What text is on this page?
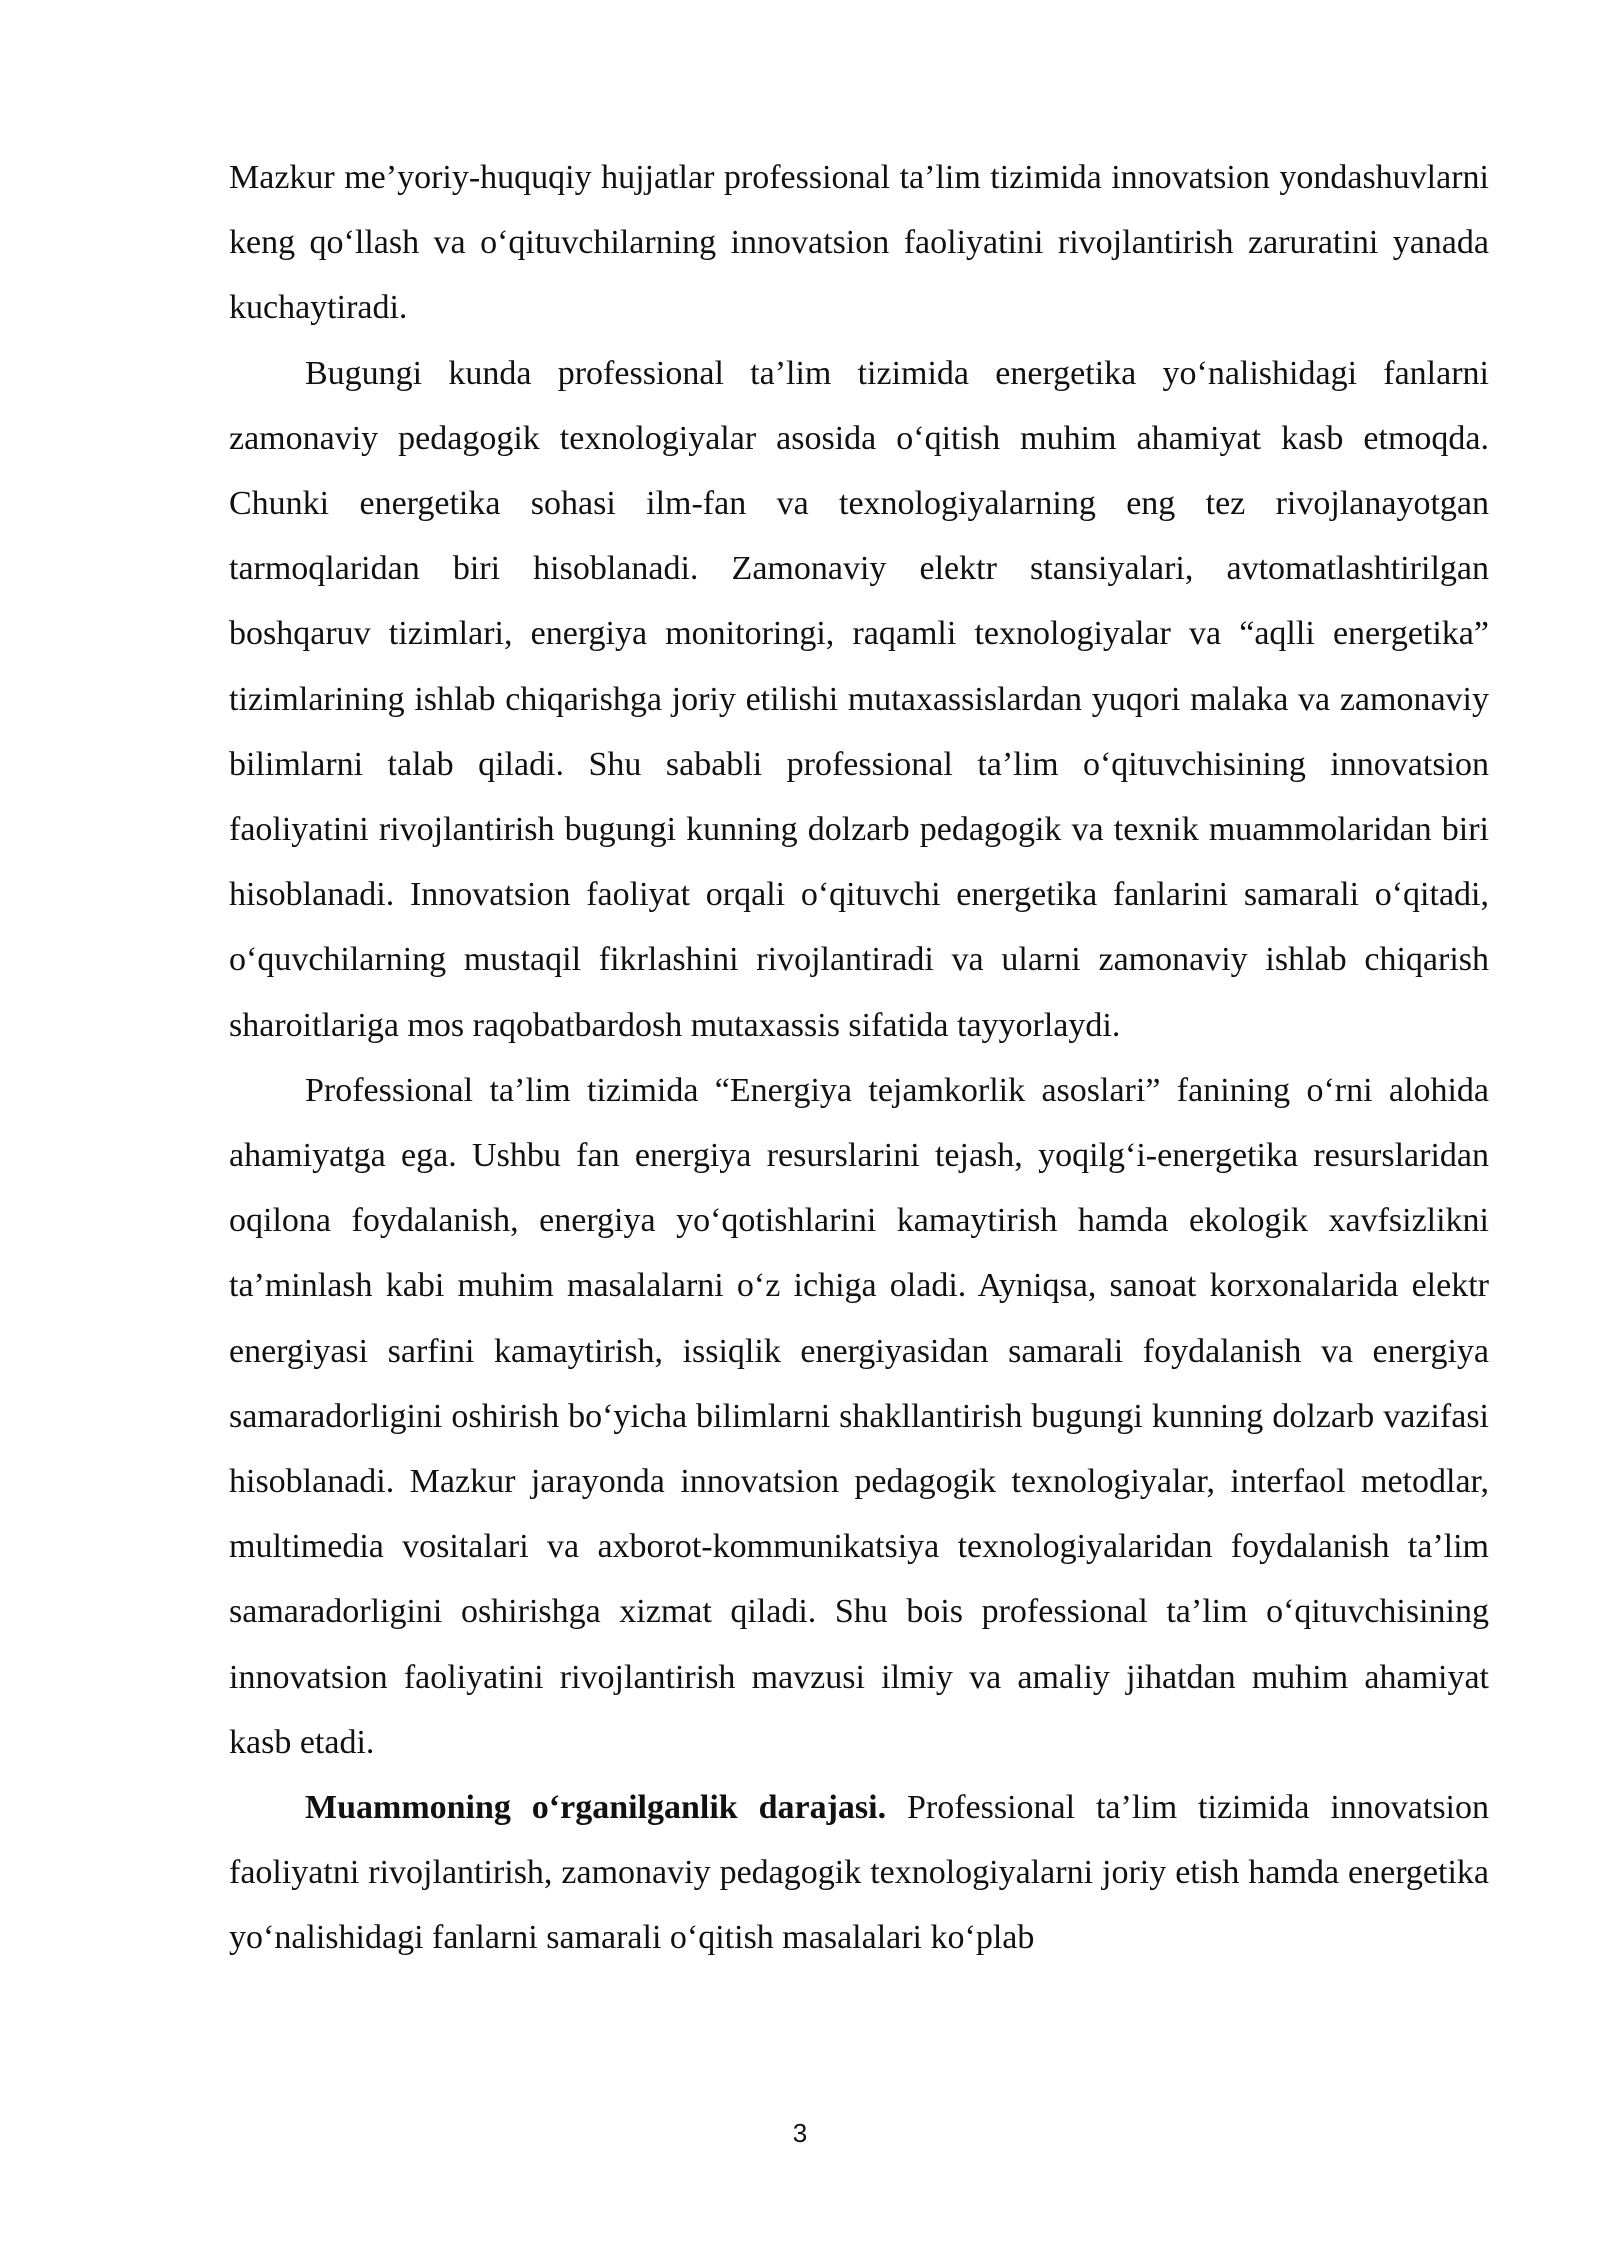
Mazkur me’yoriy-huquqiy hujjatlar professional ta’lim tizimida innovatsion yondashuvlarni keng qo‘llash va o‘qituvchilarning innovatsion faoliyatini rivojlantirish zaruratini yanada kuchaytiradi.

Bugungi kunda professional ta’lim tizimida energetika yo‘nalishidagi fanlarni zamonaviy pedagogik texnologiyalar asosida o‘qitish muhim ahamiyat kasb etmoqda. Chunki energetika sohasi ilm-fan va texnologiyalarning eng tez rivojlanayotgan tarmoqlaridan biri hisoblanadi. Zamonaviy elektr stansiyalari, avtomatlashtirilgan boshqaruv tizimlari, energiya monitoringi, raqamli texnologiyalar va “aqlli energetika” tizimlarining ishlab chiqarishga joriy etilishi mutaxassislardan yuqori malaka va zamonaviy bilimlarni talab qiladi. Shu sababli professional ta’lim o‘qituvchisining innovatsion faoliyatini rivojlantirish bugungi kunning dolzarb pedagogik va texnik muammolaridan biri hisoblanadi. Innovatsion faoliyat orqali o‘qituvchi energetika fanlarini samarali o‘qitadi, o‘quvchilarning mustaqil fikrlashini rivojlantiradi va ularni zamonaviy ishlab chiqarish sharoitlariga mos raqobatbardosh mutaxassis sifatida tayyorlaydi.

Professional ta’lim tizimida “Energiya tejamkorlik asoslari” fanining o‘rni alohida ahamiyatga ega. Ushbu fan energiya resurslarini tejash, yoqilg‘i-energetika resurslaridan oqilona foydalanish, energiya yo‘qotishlarini kamaytirish hamda ekologik xavfsizlikni ta’minlash kabi muhim masalalarni o‘z ichiga oladi. Ayniqsa, sanoat korxonalarida elektr energiyasi sarfini kamaytirish, issiqlik energiyasidan samarali foydalanish va energiya samaradorligini oshirish bo‘yicha bilimlarni shakllantirish bugungi kunning dolzarb vazifasi hisoblanadi. Mazkur jarayonda innovatsion pedagogik texnologiyalar, interfaol metodlar, multimedia vositalari va axborot-kommunikatsiya texnologiyalaridan foydalanish ta’lim samaradorligini oshirishga xizmat qiladi. Shu bois professional ta’lim o‘qituvchisining innovatsion faoliyatini rivojlantirish mavzusi ilmiy va amaliy jihatdan muhim ahamiyat kasb etadi.

Muammoning o‘rganilganlik darajasi. Professional ta’lim tizimida innovatsion faoliyatni rivojlantirish, zamonaviy pedagogik texnologiyalarni joriy etish hamda energetika yo‘nalishidagi fanlarni samarali o‘qitish masalalari ko‘plab

3
